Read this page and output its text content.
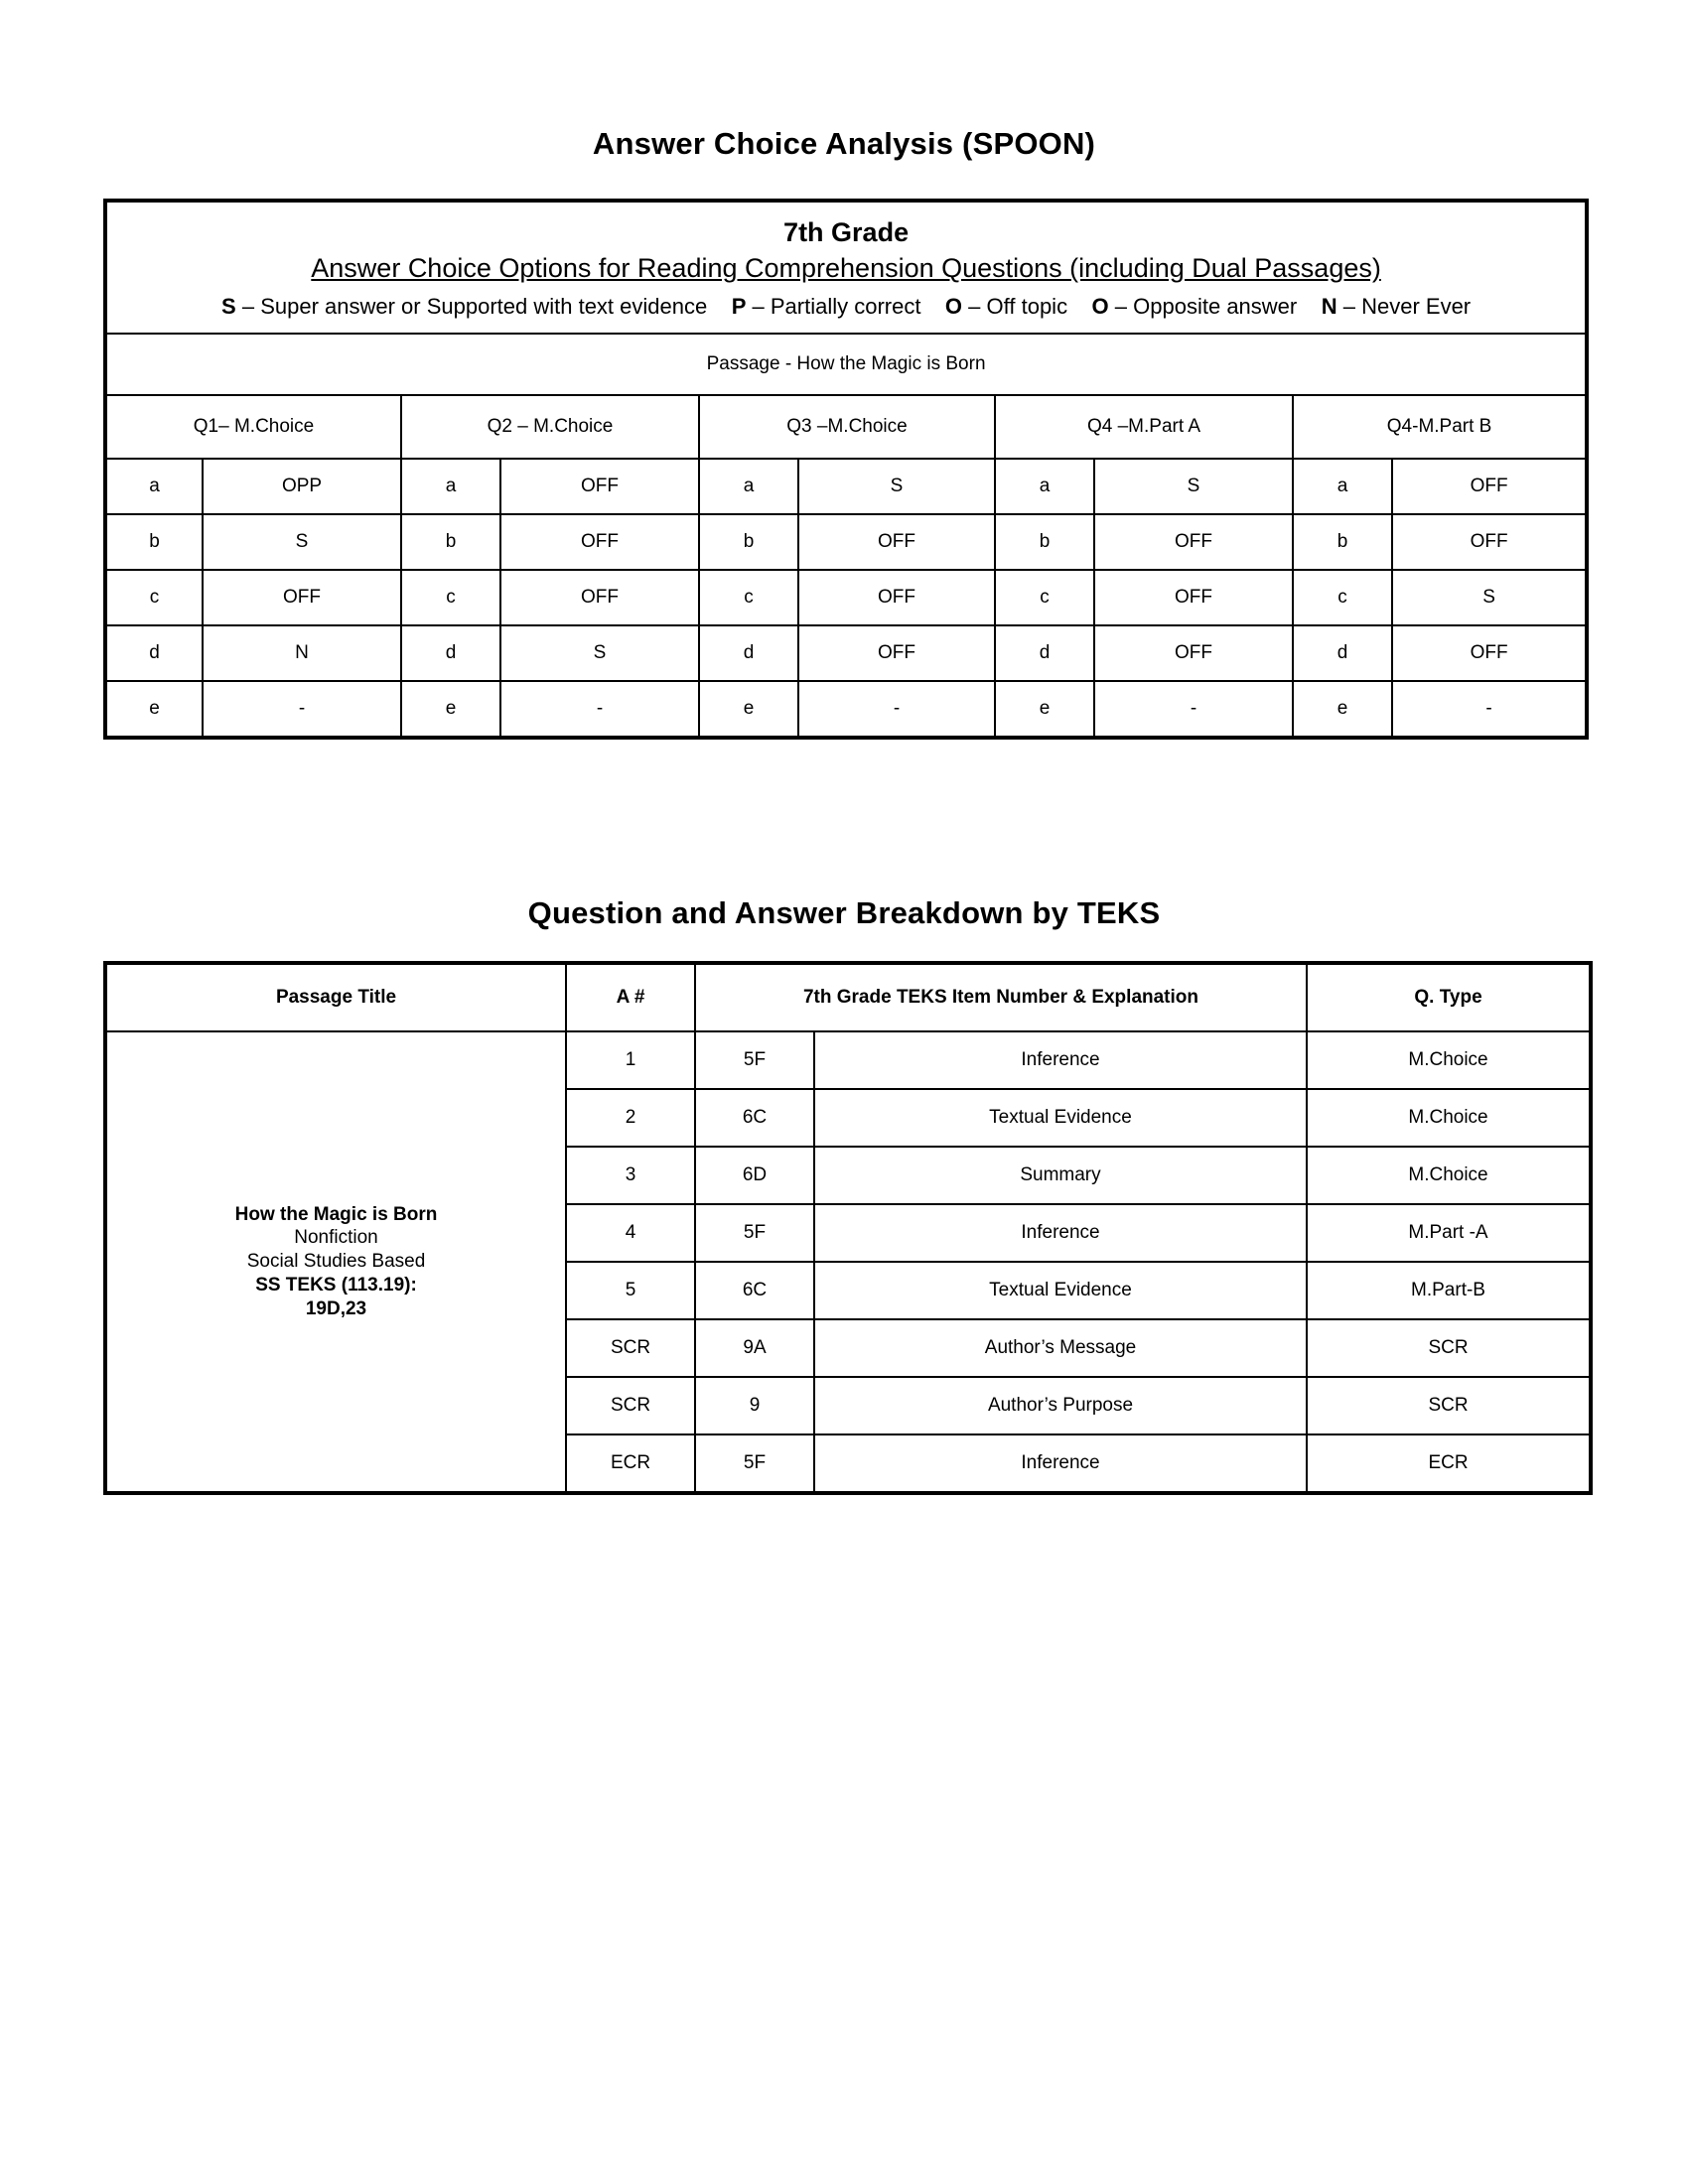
Answer Choice Analysis (SPOON)
7th Grade
Answer Choice Options for Reading Comprehension Questions (including Dual Passages)
S – Super answer or Supported with text evidence P – Partially correct O – Off topic O – Opposite answer N – Never Ever									

Passage - How the Magic is Born									
Q1– M.Choice		Q2 – M.Choice		Q3 –M.Choice		Q4 –M.Part A		Q4-M.Part B	
a	OPP	a	OFF	a	S	a	S	a	OFF
b	S	b	OFF	b	OFF	b	OFF	b	OFF
c	OFF	c	OFF	c	OFF	c	OFF	c	S
d	N	d	S	d	OFF	d	OFF	d	OFF
e	-	e	-	e	-	e	-	e	-
Question and Answer Breakdown by TEKS
Passage Title	A #	7th Grade TEKS Item Number & Explanation		Q. Type

How the Magic is Born
Nonfiction
Social Studies Based
SS TEKS (113.19):
19D,23	1	5F	Inference	M.Choice
	2	6C	Textual Evidence	M.Choice
	3	6D	Summary	M.Choice
	4	5F	Inference	M.Part -A
	5	6C	Textual Evidence	M.Part-B
	SCR	9A	Author’s Message	SCR
	SCR	9	Author’s Purpose	SCR
	ECR	5F	Inference	ECR
